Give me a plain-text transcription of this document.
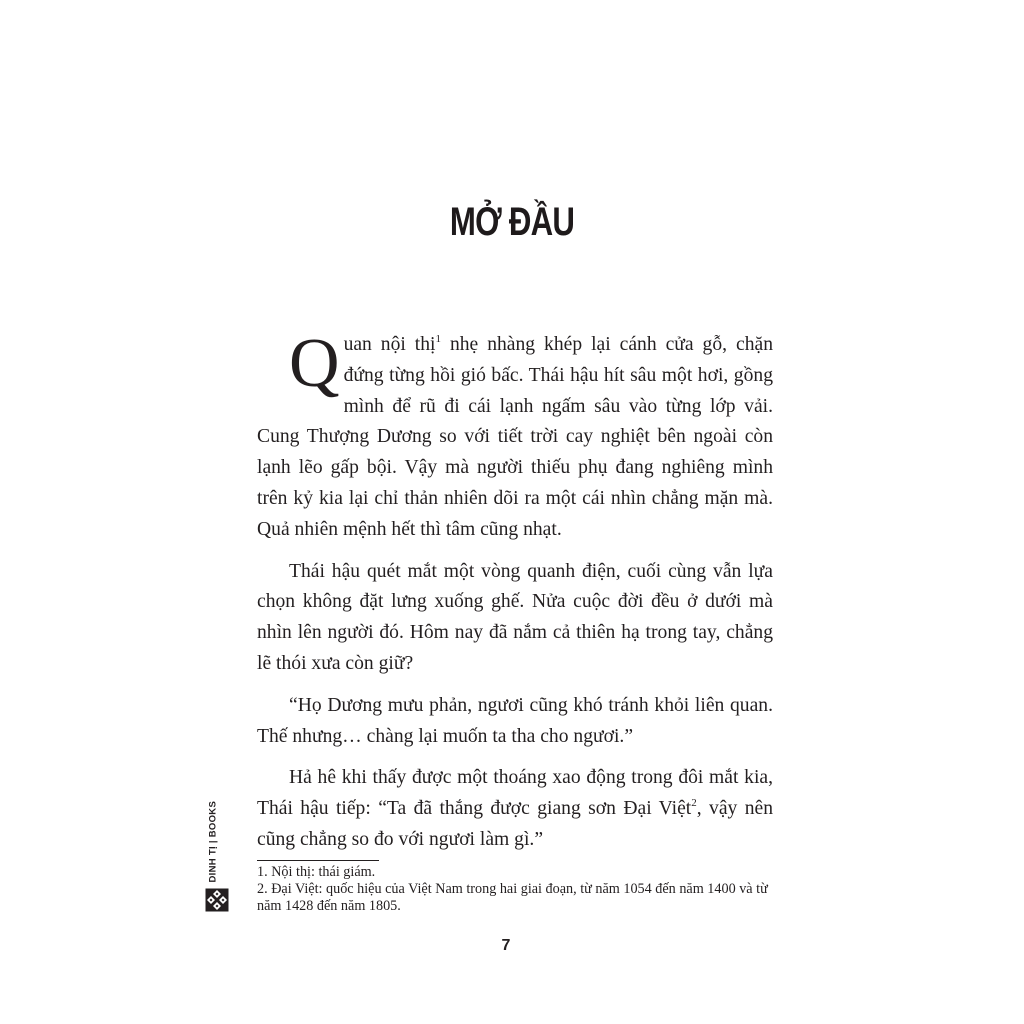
MỞ ĐẦU

Quan nội thị$^1$ nhẹ nhàng khép lại cánh cửa gỗ, chặn đứng từng hồi gió bấc. Thái hậu hít sâu một hơi, gồng mình để rũ đi cái lạnh ngấm sâu vào từng lớp vải. Cung Thượng Dương so với tiết trời cay nghiệt bên ngoài còn lạnh lẽo gấp bội. Vậy mà người thiếu phụ đang nghiêng mình trên kỷ kia lại chỉ thản nhiên dõi ra một cái nhìn chẳng mặn mà. Quả nhiên mệnh hết thì tâm cũng nhạt.

Thái hậu quét mắt một vòng quanh điện, cuối cùng vẫn lựa chọn không đặt lưng xuống ghế. Nửa cuộc đời đều ở dưới mà nhìn lên người đó. Hôm nay đã nắm cả thiên hạ trong tay, chẳng lẽ thói xưa còn giữ?

“Họ Dương mưu phản, ngươi cũng khó tránh khỏi liên quan. Thế nhưng… chàng lại muốn ta tha cho ngươi.”

Hả hê khi thấy được một thoáng xao động trong đôi mắt kia, Thái hậu tiếp: “Ta đã thắng được giang sơn Đại Việt$^2$, vậy nên cũng chẳng so đo với ngươi làm gì.”

1. Nội thị: thái giám.

2. Đại Việt: quốc hiệu của Việt Nam trong hai giai đoạn, từ năm 1054 đến năm 1400 và từ năm 1428 đến năm 1805.

7
DINH TỊ | BOOKS
